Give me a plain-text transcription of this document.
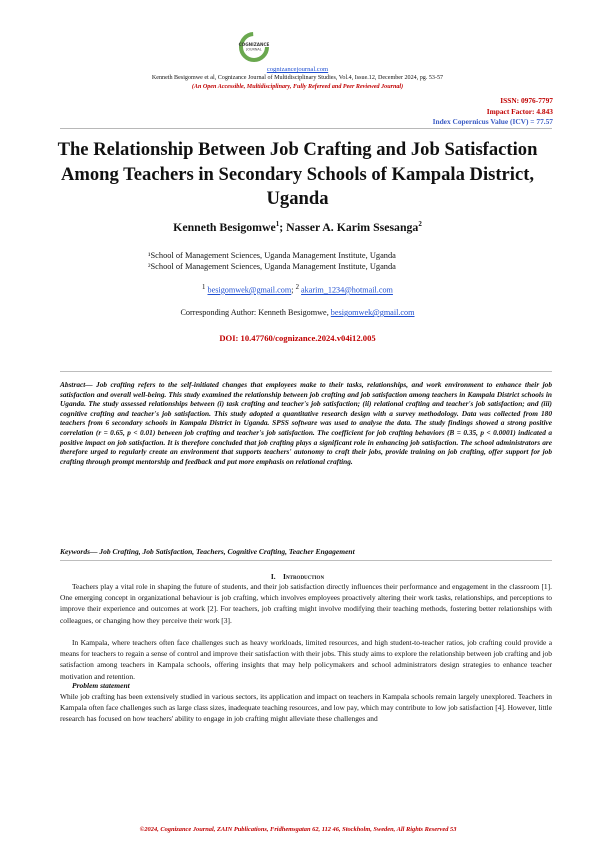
COGNIZANCE
JOURNAL
cognizancejournal.com
Kenneth Besigomwe et al, Cognizance Journal of Multidisciplinary Studies, Vol.4, Issue.12, December 2024, pg. 53-57
(An Open Accessible, Multidisciplinary, Fully Refereed and Peer Reviewed Journal)
ISSN: 0976-7797
Impact Factor: 4.843
Index Copernicus Value (ICV) = 77.57
The Relationship Between Job Crafting and Job Satisfaction Among Teachers in Secondary Schools of Kampala District, Uganda
Kenneth Besigomwe$^1$; Nasser A. Karim Ssesanga$^2$
¹School of Management Sciences, Uganda Management Institute, Uganda
²School of Management Sciences, Uganda Management Institute, Uganda
$^1$ besigomwek@gmail.com; $^2$ akarim_1234@hotmail.com
Corresponding Author: Kenneth Besigomwe, besigomwek@gmail.com
DOI: 10.47760/cognizance.2024.v04i12.005
Abstract— Job crafting refers to the self-initiated changes that employees make to their tasks, relationships, and work environment to enhance their job satisfaction and overall well-being. This study examined the relationship between job crafting and job satisfaction among teachers in Kampala District schools in Uganda. The study assessed relationships between (i) task crafting and teacher's job satisfaction; (ii) relational crafting and teacher's job satisfaction; and (iii) cognitive crafting and teacher's job satisfaction. This study adopted a quantitative research design with a survey methodology. Data was collected from 180 teachers from 6 secondary schools in Kampala District in Uganda. SPSS software was used to analyse the data. The study findings showed a strong positive correlation (r = 0.65, p < 0.01) between job crafting and teacher's job satisfaction. The coefficient for job crafting behaviors (B = 0.35, p < 0.0001) indicated a positive impact on job satisfaction. It is therefore concluded that job crafting plays a significant role in enhancing job satisfaction. The school administrators are therefore urged to regularly create an environment that supports teachers' autonomy to craft their jobs, provide training on job crafting, offer support for job crafting through prompt mentorship and feedback and put more emphasis on relational crafting.
Keywords— Job Crafting, Job Satisfaction, Teachers, Cognitive Crafting, Teacher Engagement
I. Introduction
Teachers play a vital role in shaping the future of students, and their job satisfaction directly influences their performance and engagement in the classroom [1]. One emerging concept in organizational behaviour is job crafting, which involves employees proactively altering their work tasks, relationships, and perceptions to improve their experience and outcomes at work [2]. For teachers, job crafting might involve modifying their teaching methods, fostering better relationships with colleagues, or changing how they perceive their work [3].
In Kampala, where teachers often face challenges such as heavy workloads, limited resources, and high student-to-teacher ratios, job crafting could provide a means for teachers to regain a sense of control and improve their satisfaction with their jobs. This study aims to explore the relationship between job crafting and job satisfaction among teachers in Kampala schools, offering insights that may help policymakers and school administrators design strategies to enhance teacher motivation and retention.
Problem statement
While job crafting has been extensively studied in various sectors, its application and impact on teachers in Kampala schools remain largely unexplored. Teachers in Kampala often face challenges such as large class sizes, inadequate teaching resources, and low pay, which may contribute to low job satisfaction [4]. However, little research has focused on how teachers' ability to engage in job crafting might alleviate these challenges and
©2024, Cognizance Journal, ZAIN Publications, Fridhemsgatan 62, 112 46, Stockholm, Sweden, All Rights Reserved 53
